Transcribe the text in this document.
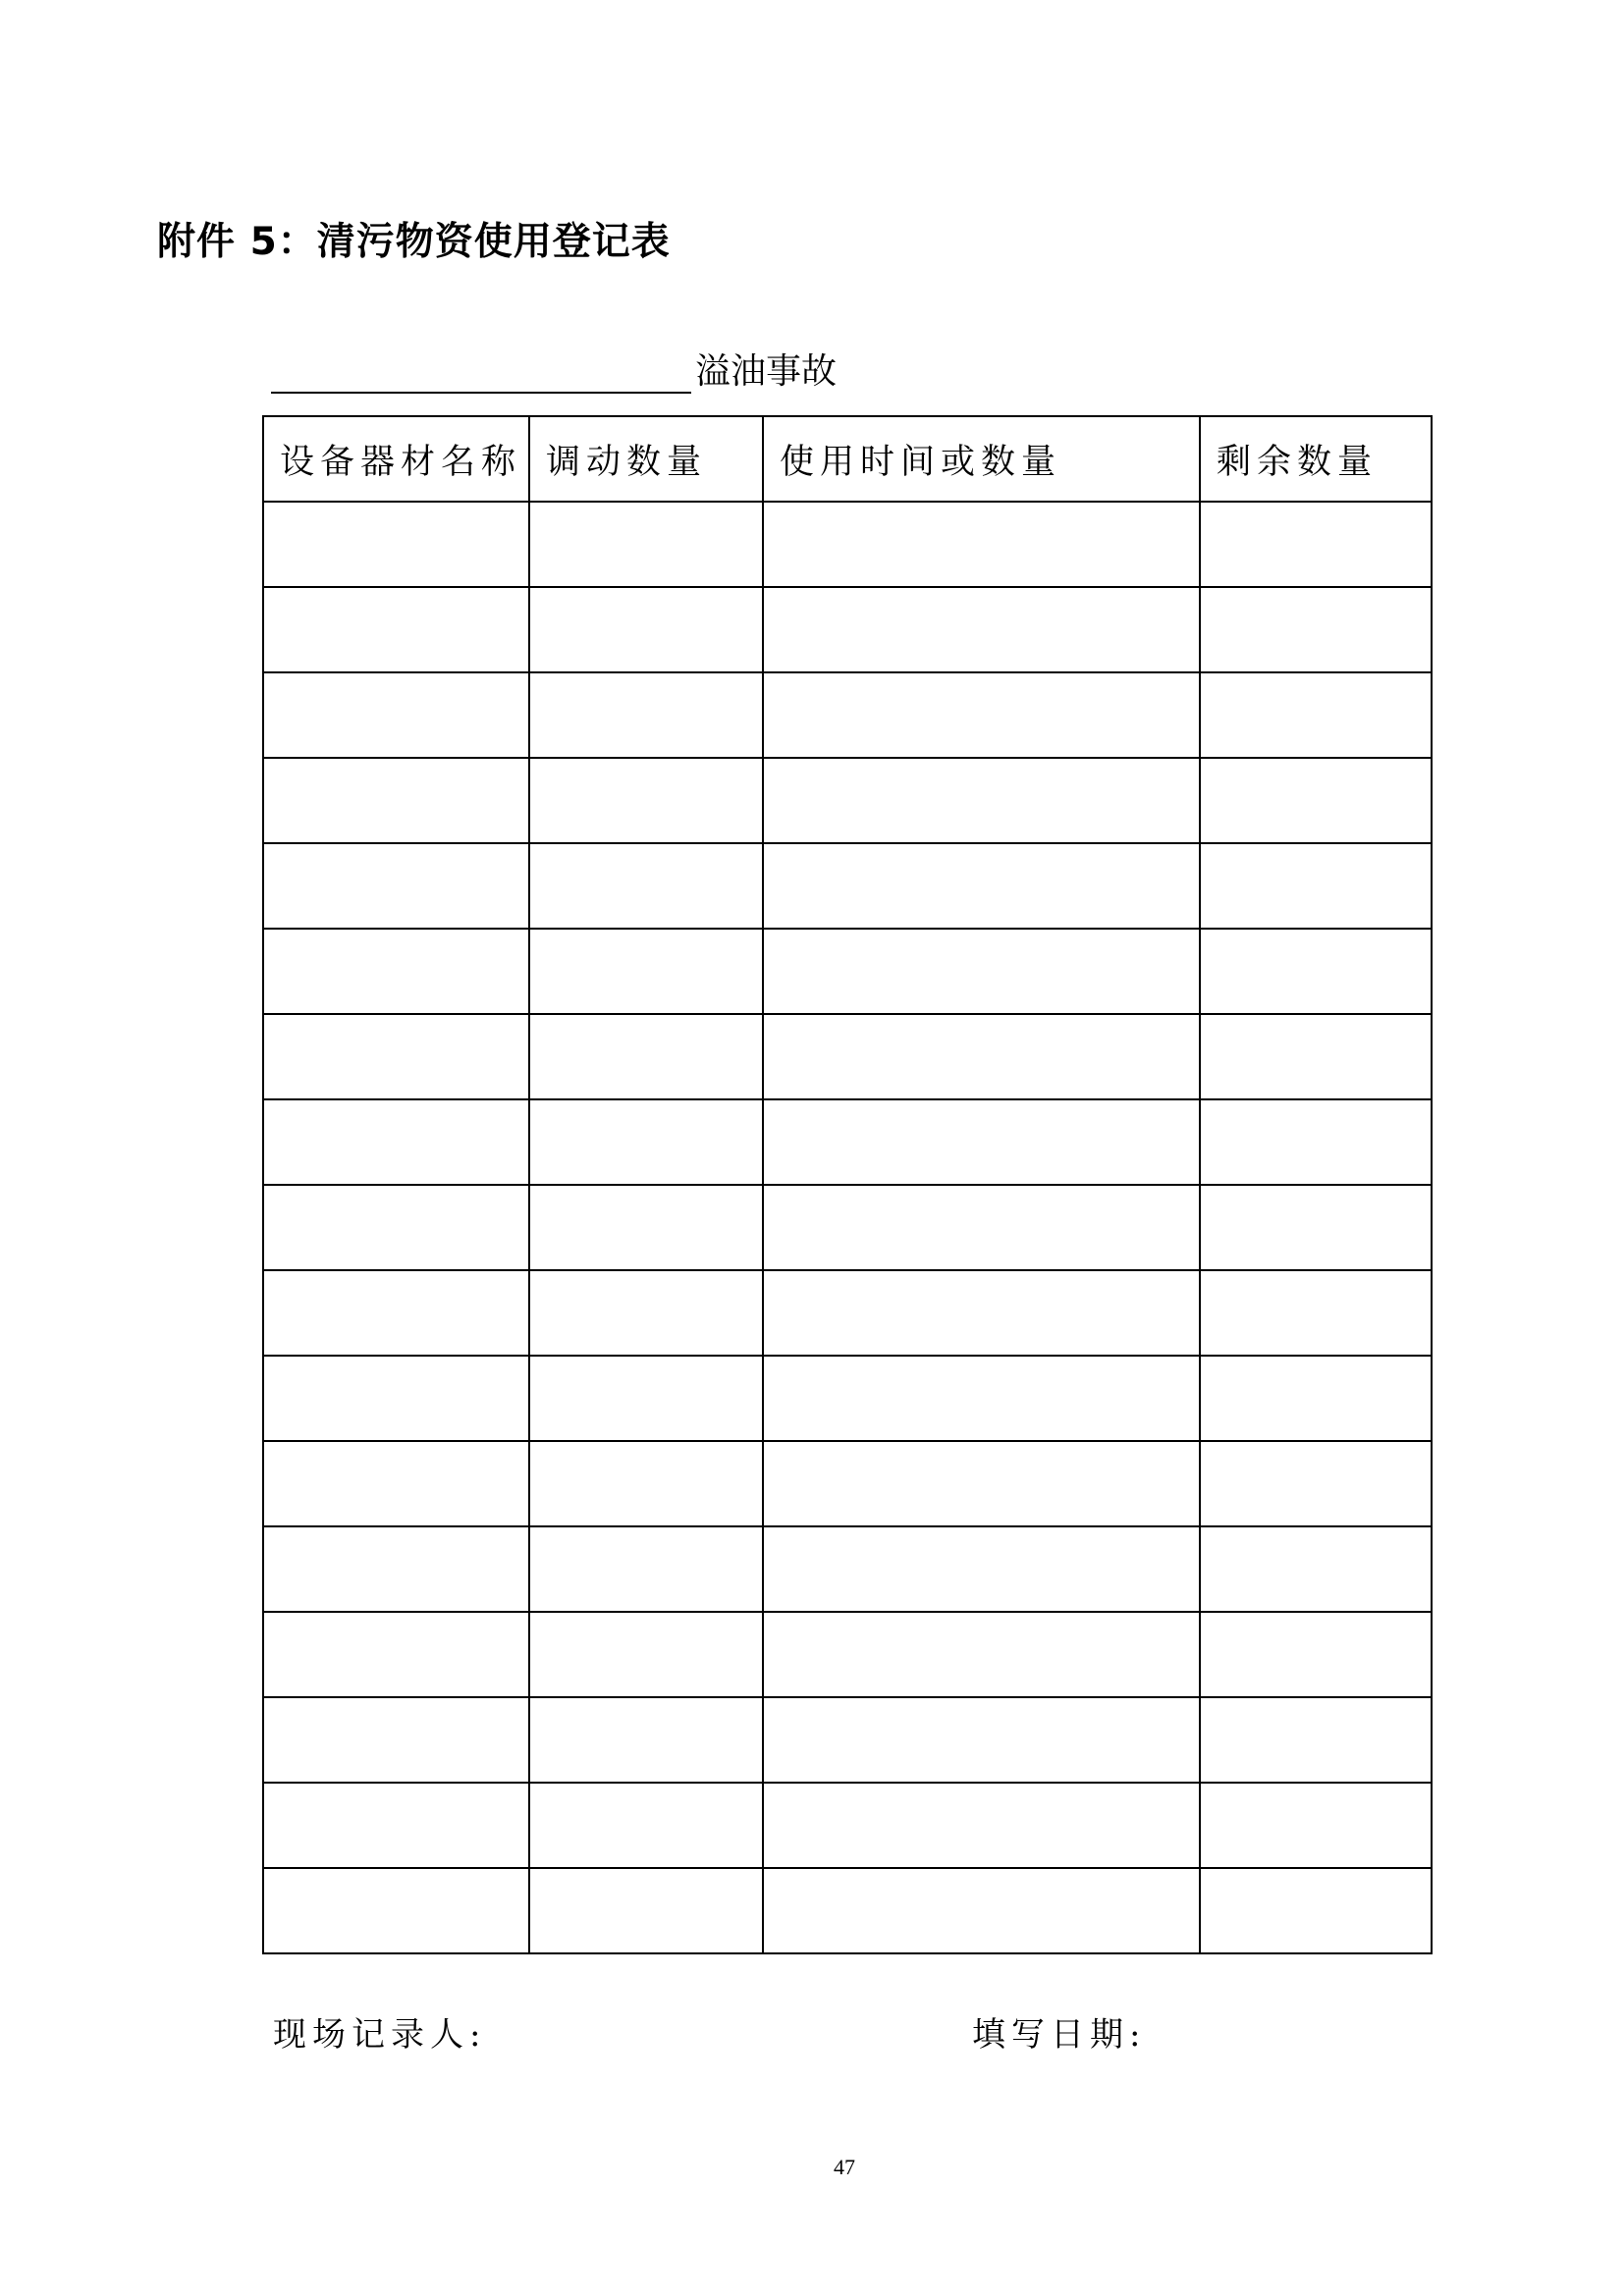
附件 5：清污物资使用登记表
溢油事故
设备器材名称	调动数量	使用时间或数量	剩余数量

现场记录人:	填写日期:
47
